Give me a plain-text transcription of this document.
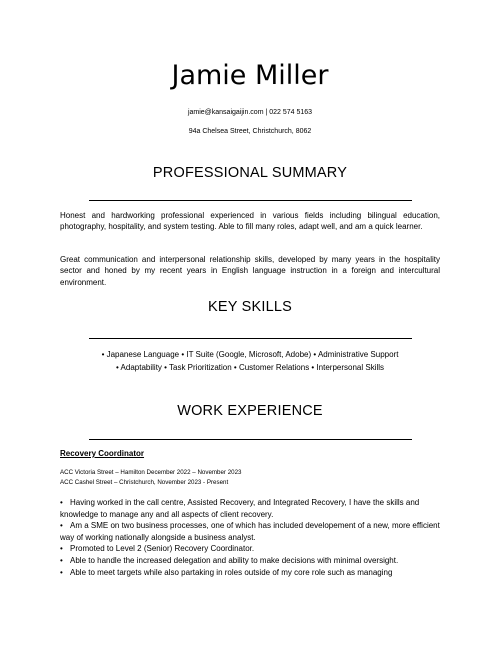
Jamie Miller
jamie@kansaigaijin.com | 022 574 5163
94a Chelsea Street, Christchurch, 8062
PROFESSIONAL SUMMARY

Honest and hardworking professional experienced in various fields including bilingual education, photography, hospitality, and system testing. Able to fill many roles, adapt well, and am a quick learner.

Great communication and interpersonal relationship skills, developed by many years in the hospitality sector and honed by my recent years in English language instruction in a foreign and intercultural environment.

KEY SKILLS
• Japanese Language • IT Suite (Google, Microsoft, Adobe) • Administrative Support
• Adaptability • Task Prioritization • Customer Relations • Interpersonal Skills
WORK EXPERIENCE
Recovery Coordinator
ACC Victoria Street – Hamilton December 2022 – November 2023
ACC Cashel Street – Christchurch, November 2023 - Present
• Having worked in the call centre, Assisted Recovery, and Integrated Recovery, I have the skills and knowledge to manage any and all aspects of client recovery.
• Am a SME on two business processes, one of which has included developement of a new, more efficient way of working nationally alongside a business analyst.
• Promoted to Level 2 (Senior) Recovery Coordinator.
• Able to handle the increased delegation and ability to make decisions with minimal oversight.
• Able to meet targets while also partaking in roles outside of my core role such as managing
